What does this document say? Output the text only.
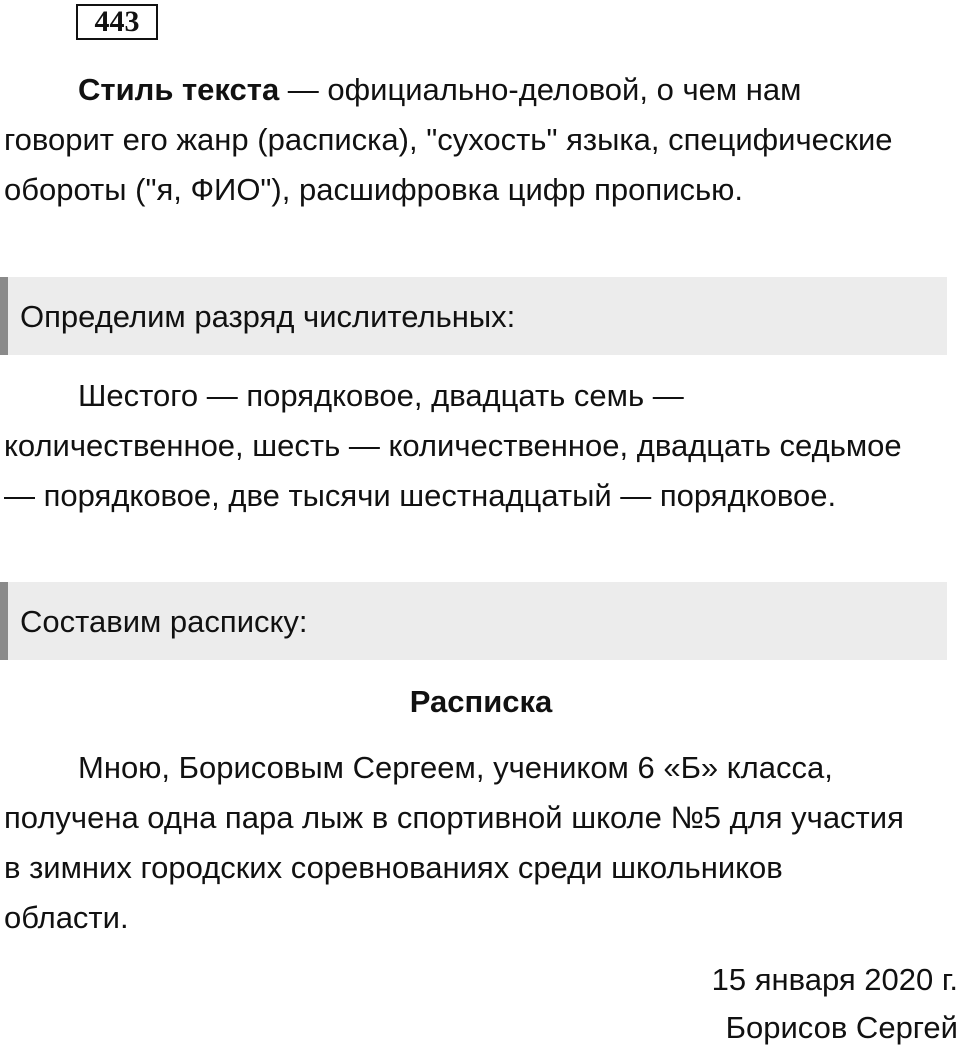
443

Стиль текста — официально-деловой, о чем нам говорит его жанр (расписка), "сухость" языка, специфические обороты ("я, ФИО"), расшифровка цифр прописью.

Определим разряд числительных:

Шестого — порядковое, двадцать семь — количественное, шесть — количественное, двадцать седьмое — порядковое, две тысячи шестнадцатый — порядковое.

Составим расписку:
Расписка

Мною, Борисовым Сергеем, учеником 6 «Б» класса, получена одна пара лыж в спортивной школе №5 для участия в зимних городских соревнованиях среди школьников области.

15 января 2020 г.
Борисов Сергей
